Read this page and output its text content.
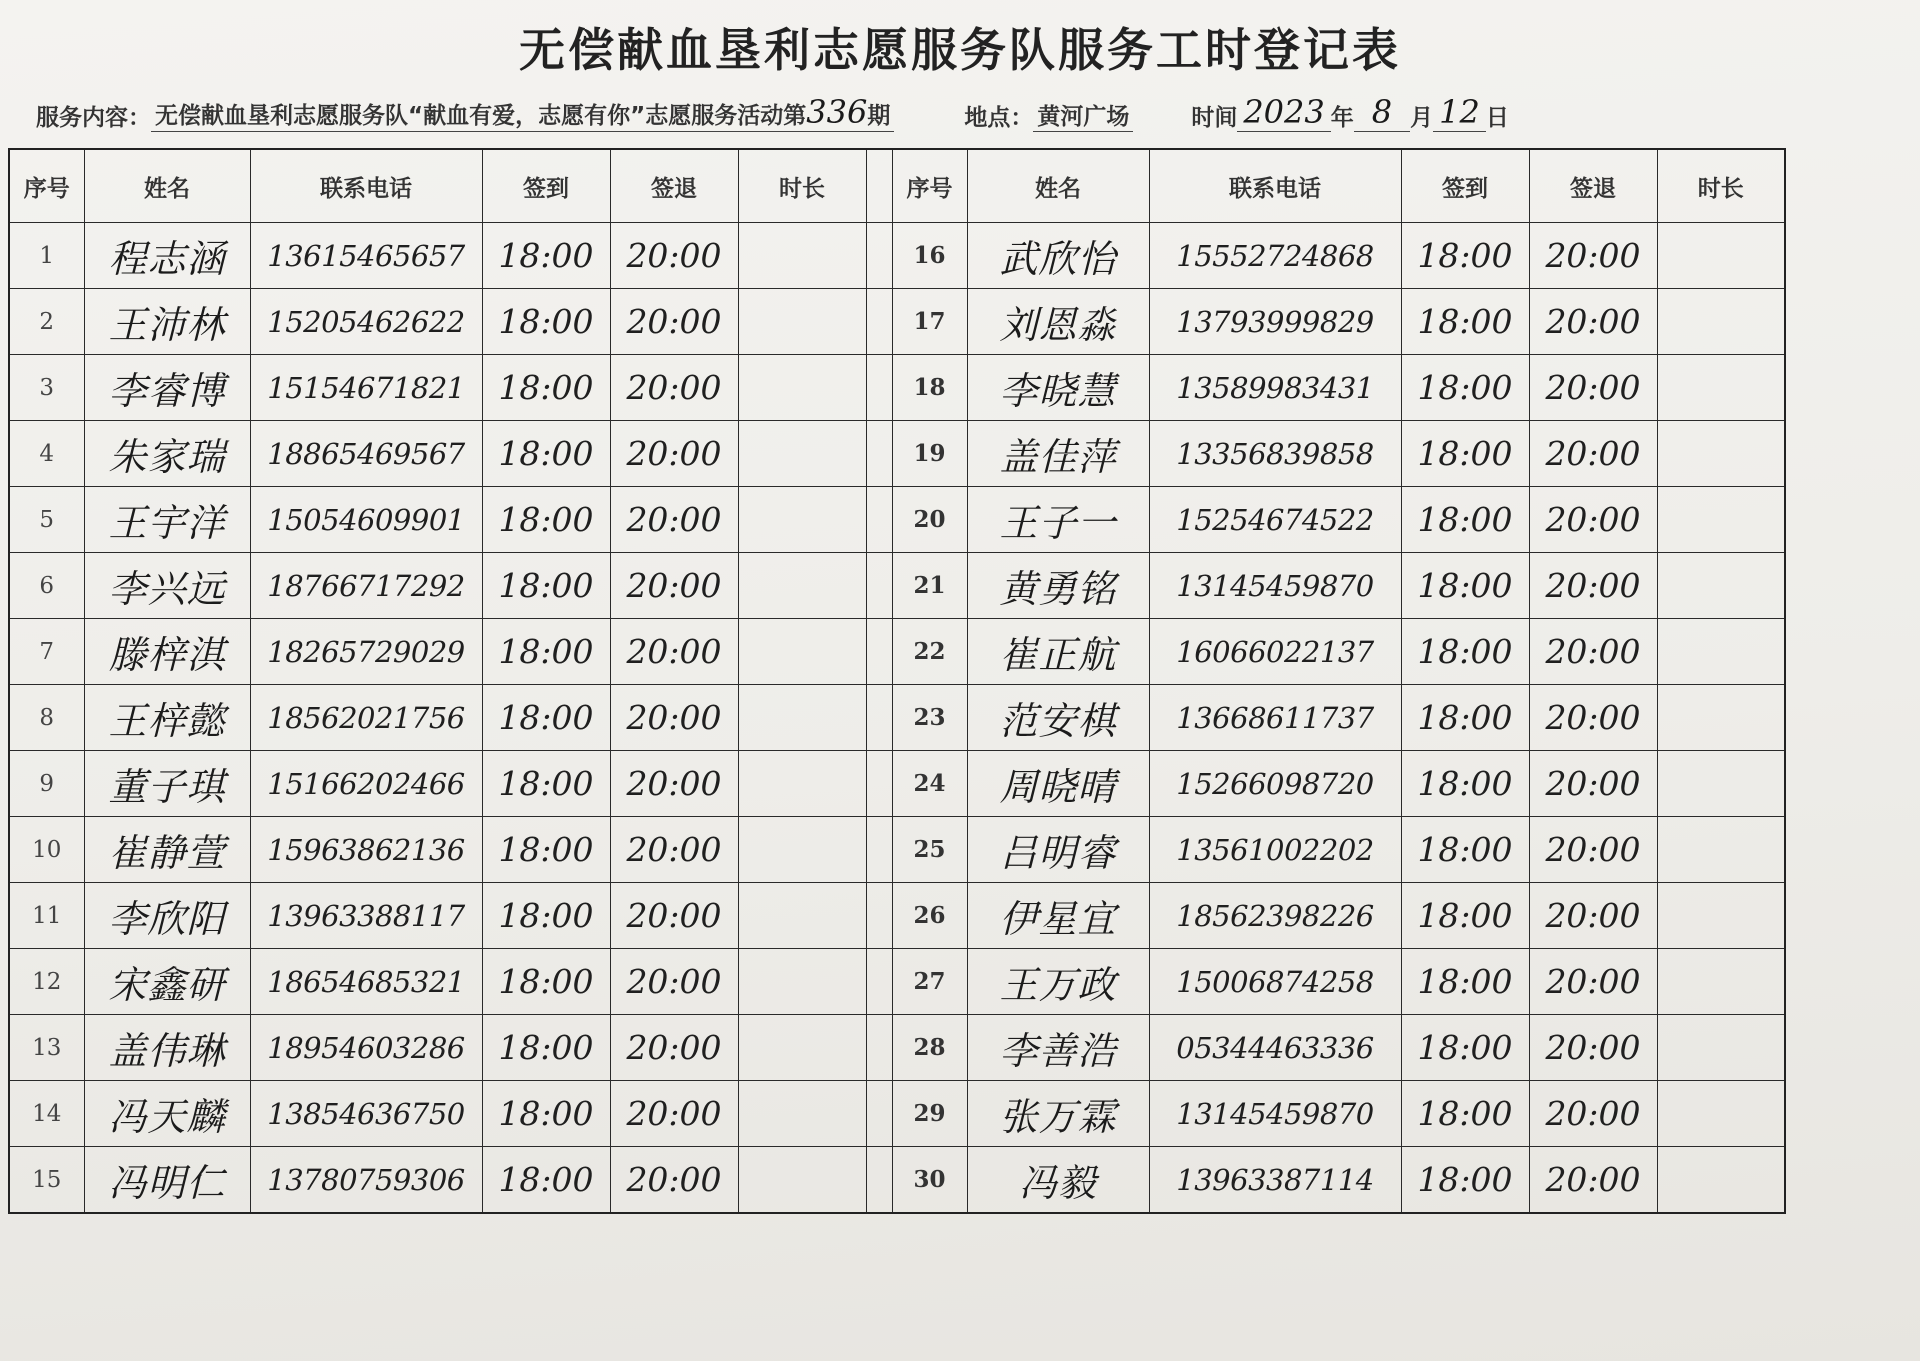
无偿献血垦利志愿服务队服务工时登记表
服务内容： 无偿献血垦利志愿服务队“献血有爱，志愿有你”志愿服务活动第336期	地点： 黄河广场	时间 2023 年 8 月 12 日
序号	姓名	联系电话	签到	签退	时长		序号	姓名	联系电话	签到	签退	时长
1	程志涵	13615465657	18:00	20:00			16	武欣怡	15552724868	18:00	20:00	
2	王沛林	15205462622	18:00	20:00			17	刘恩淼	13793999829	18:00	20:00	
3	李睿博	15154671821	18:00	20:00			18	李晓慧	13589983431	18:00	20:00	
4	朱家瑞	18865469567	18:00	20:00			19	盖佳萍	13356839858	18:00	20:00	
5	王宇洋	15054609901	18:00	20:00			20	王子一	15254674522	18:00	20:00	
6	李兴远	18766717292	18:00	20:00			21	黄勇铭	13145459870	18:00	20:00	
7	滕梓淇	18265729029	18:00	20:00			22	崔正航	16066022137	18:00	20:00	
8	王梓懿	18562021756	18:00	20:00			23	范安棋	13668611737	18:00	20:00	
9	董子琪	15166202466	18:00	20:00			24	周晓晴	15266098720	18:00	20:00	
10	崔静萱	15963862136	18:00	20:00			25	吕明睿	13561002202	18:00	20:00	
11	李欣阳	13963388117	18:00	20:00			26	伊星宜	18562398226	18:00	20:00	
12	宋鑫研	18654685321	18:00	20:00			27	王万政	15006874258	18:00	20:00	
13	盖伟琳	18954603286	18:00	20:00			28	李善浩	05344463336	18:00	20:00	
14	冯天麟	13854636750	18:00	20:00			29	张万霖	13145459870	18:00	20:00	
15	冯明仁	13780759306	18:00	20:00			30	冯毅	13963387114	18:00	20:00	
